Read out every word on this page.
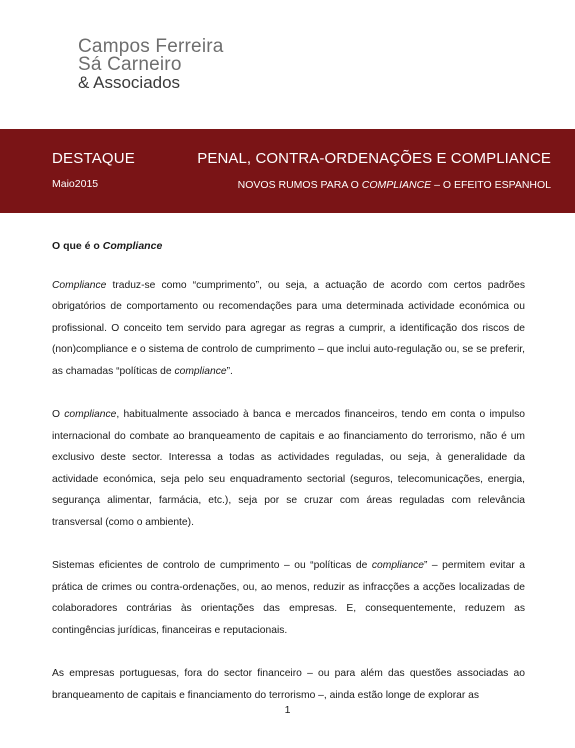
Campos Ferreira
Sá Carneiro
& Associados
DESTAQUE
Maio2015
PENAL, CONTRA-ORDENAÇÕES E COMPLIANCE
NOVOS RUMOS PARA O COMPLIANCE – O EFEITO ESPANHOL
O que é o Compliance

Compliance traduz-se como “cumprimento”, ou seja, a actuação de acordo com certos padrões obrigatórios de comportamento ou recomendações para uma determinada actividade económica ou profissional. O conceito tem servido para agregar as regras a cumprir, a identificação dos riscos de (non)compliance e o sistema de controlo de cumprimento – que inclui auto-regulação ou, se se preferir, as chamadas “políticas de compliance”.

O compliance, habitualmente associado à banca e mercados financeiros, tendo em conta o impulso internacional do combate ao branqueamento de capitais e ao financiamento do terrorismo, não é um exclusivo deste sector. Interessa a todas as actividades reguladas, ou seja, à generalidade da actividade económica, seja pelo seu enquadramento sectorial (seguros, telecomunicações, energia, segurança alimentar, farmácia, etc.), seja por se cruzar com áreas reguladas com relevância transversal (como o ambiente).

Sistemas eficientes de controlo de cumprimento – ou “políticas de compliance” – permitem evitar a prática de crimes ou contra-ordenações, ou, ao menos, reduzir as infracções a acções localizadas de colaboradores contrárias às orientações das empresas. E, consequentemente, reduzem as contingências jurídicas, financeiras e reputacionais.

As empresas portuguesas, fora do sector financeiro – ou para além das questões associadas ao branqueamento de capitais e financiamento do terrorismo –, ainda estão longe de explorar as

1
